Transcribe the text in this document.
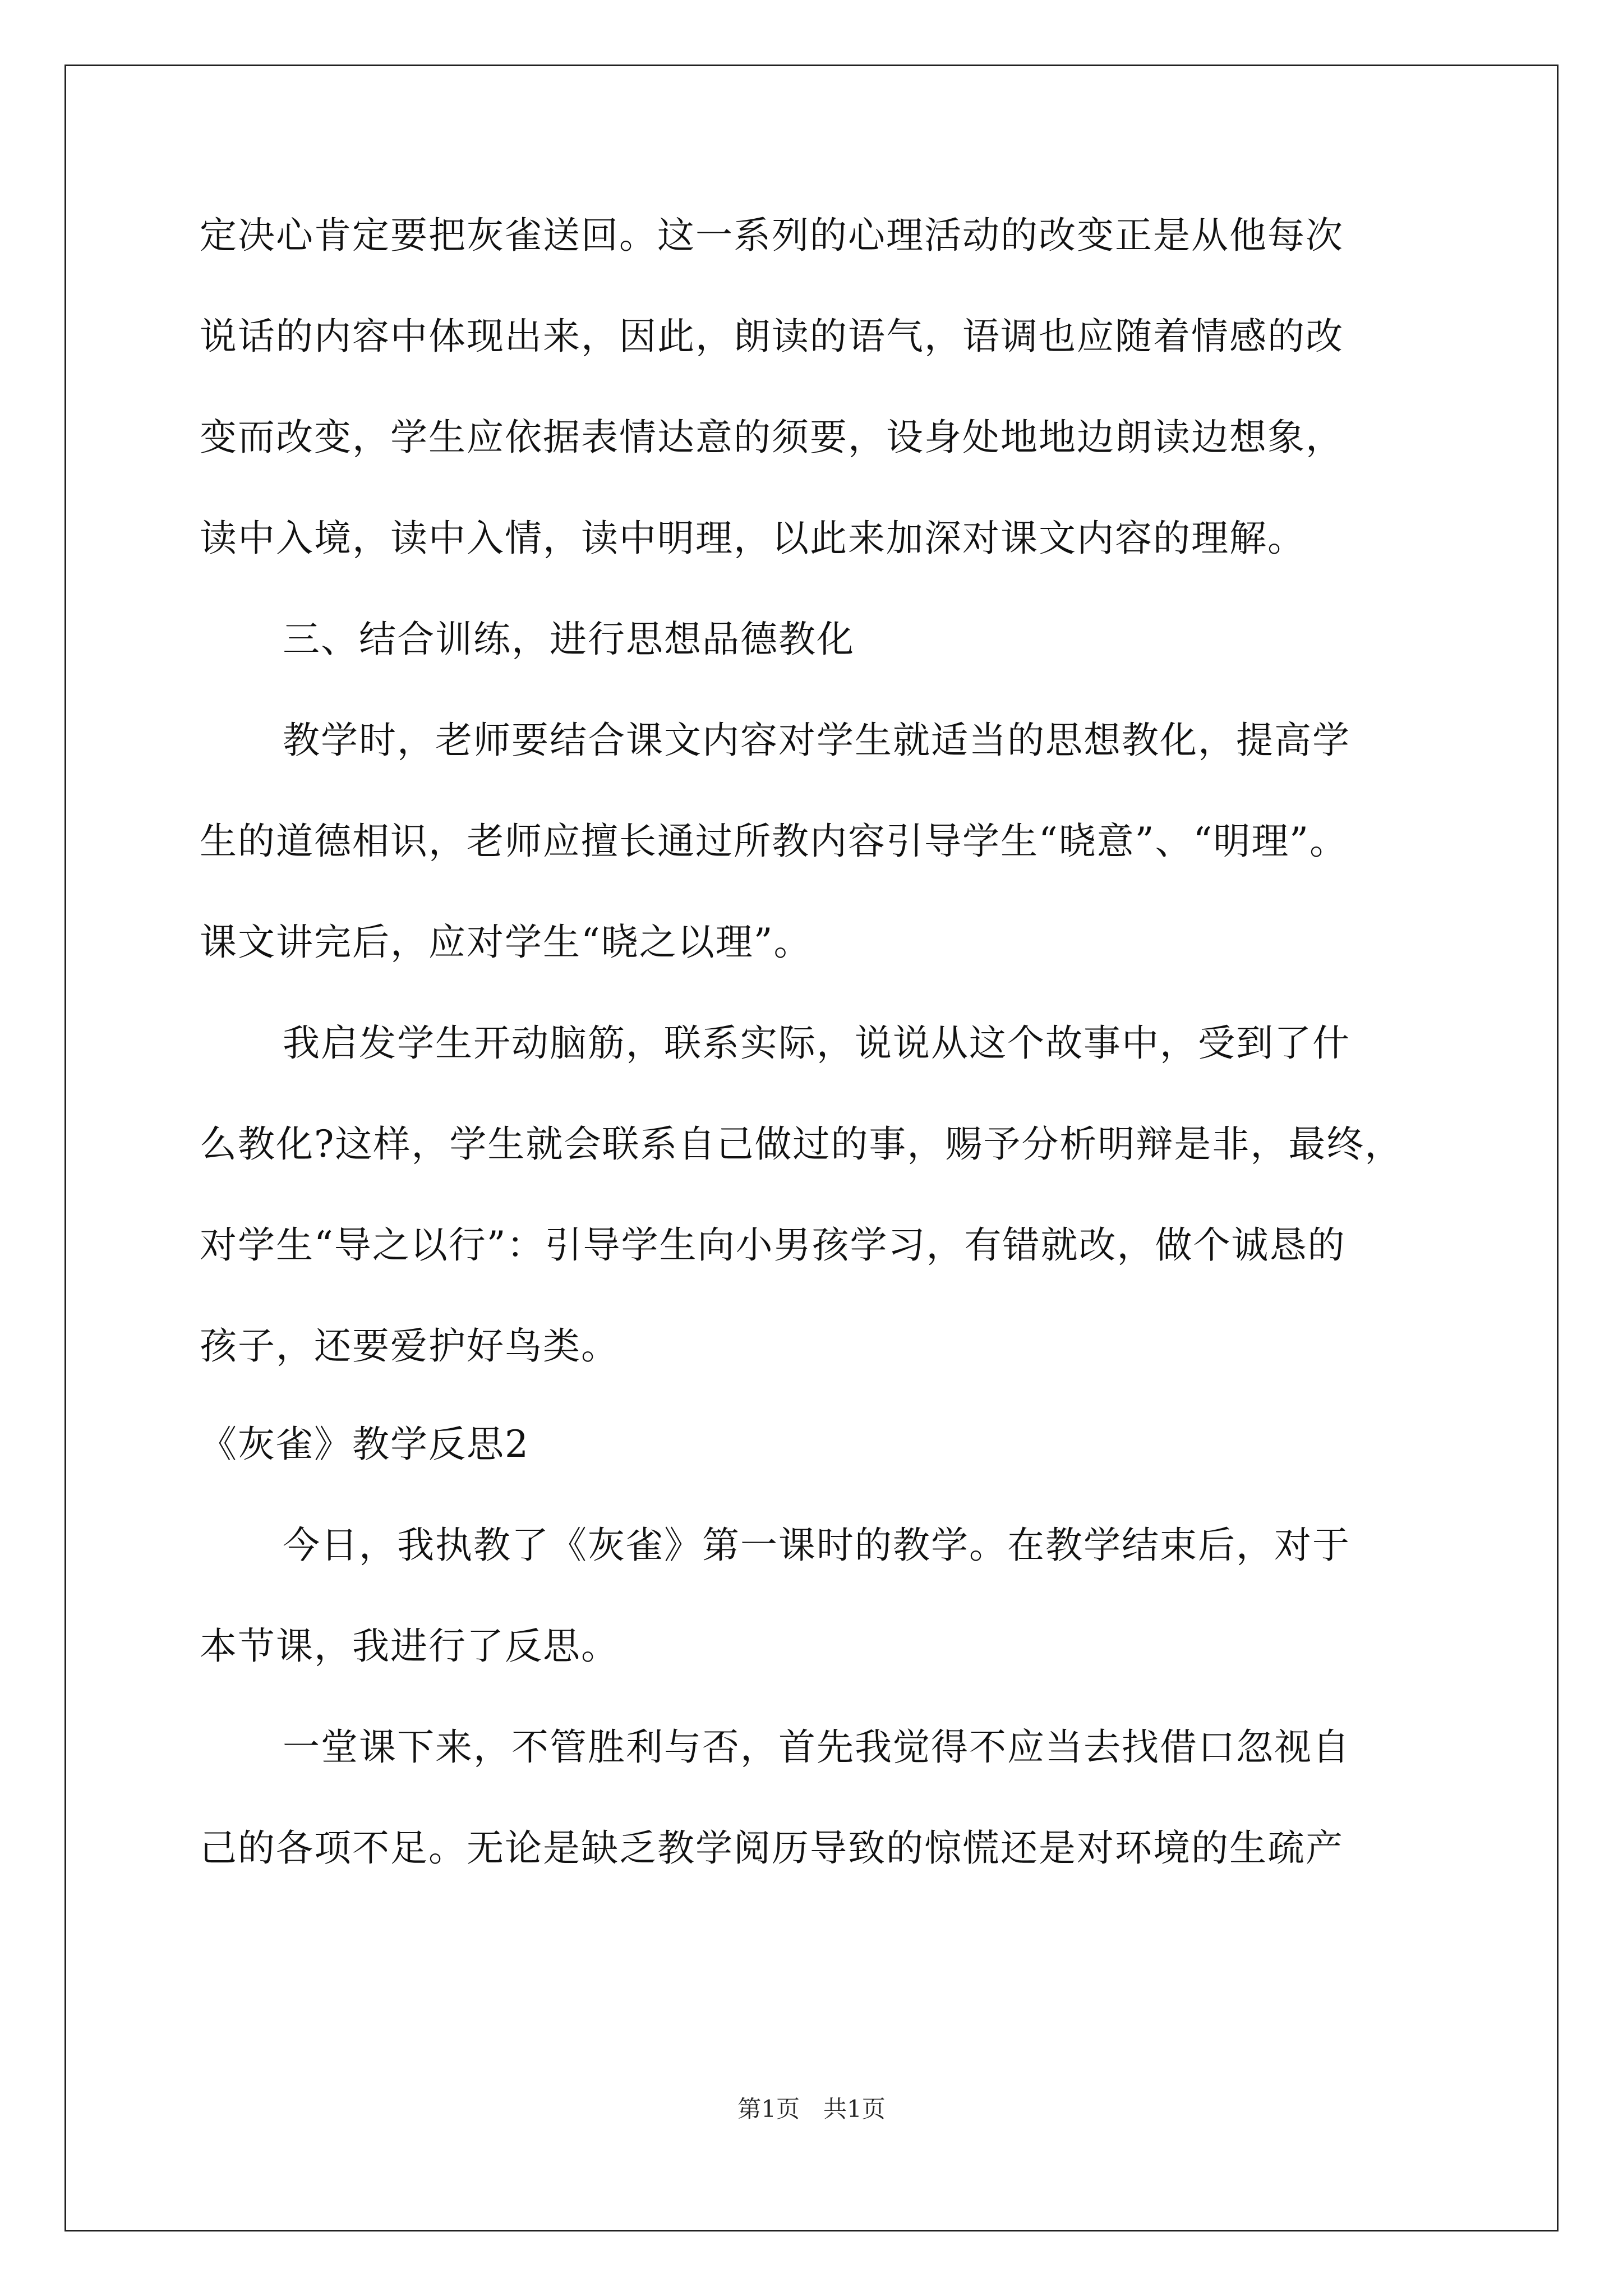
定决心肯定要把灰雀送回。这一系列的心理活动的改变正是从他每次
说话的内容中体现出来，因此，朗读的语气，语调也应随着情感的改
变而改变，学生应依据表情达意的须要，设身处地地边朗读边想象，
读中入境，读中入情，读中明理，以此来加深对课文内容的理解。
三、结合训练，进行思想品德教化
教学时，老师要结合课文内容对学生就适当的思想教化，提高学
生的道德相识，老师应擅长通过所教内容引导学生“晓意”、“明理”。
课文讲完后，应对学生“晓之以理”。
我启发学生开动脑筋，联系实际，说说从这个故事中，受到了什
么教化?这样，学生就会联系自己做过的事，赐予分析明辩是非，最终，
对学生“导之以行”：引导学生向小男孩学习，有错就改，做个诚恳的
孩子，还要爱护好鸟类。
《灰雀》教学反思2
今日，我执教了《灰雀》第一课时的教学。在教学结束后，对于
本节课，我进行了反思。
一堂课下来，不管胜利与否，首先我觉得不应当去找借口忽视自
己的各项不足。无论是缺乏教学阅历导致的惊慌还是对环境的生疏产
第1页　共1页
